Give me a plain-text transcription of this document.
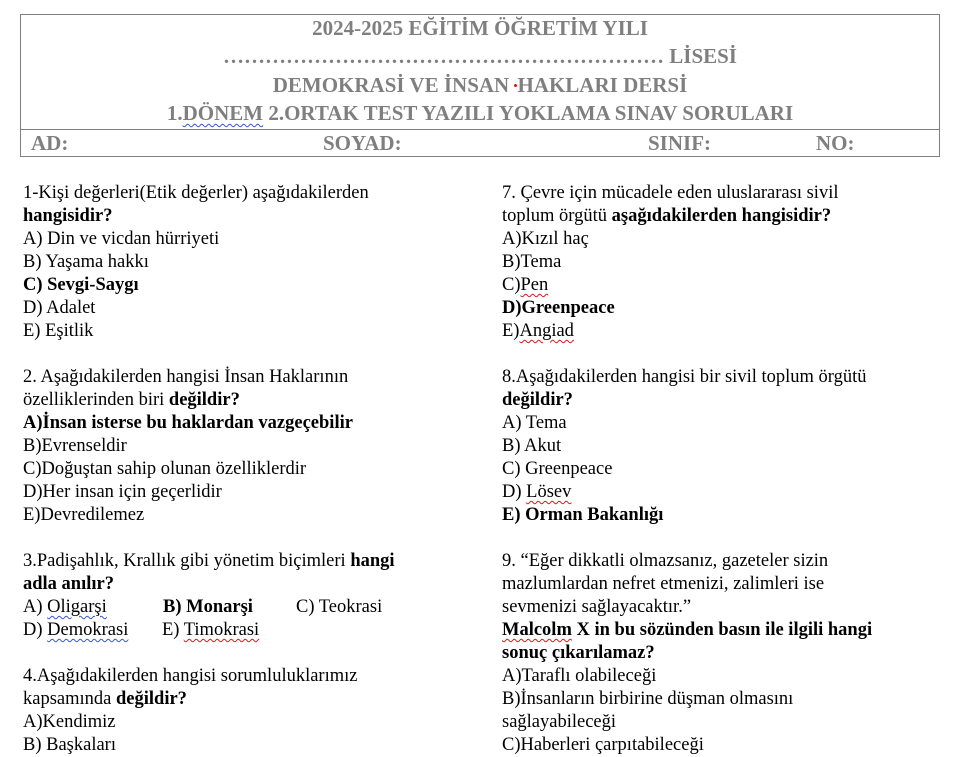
2024-2025 EĞİTİM ÖĞRETİM YILI
……………………………………………………… LİSESİ
DEMOKRASİ VE İNSAN HAKLARI DERSİ
1.DÖNEM 2.ORTAK TEST YAZILI YOKLAMA SINAV SORULARI
AD:	SOYAD:	SINIF:	NO:
1-Kişi değerleri(Etik değerler) aşağıdakilerden
hangisidir?
A) Din ve vicdan hürriyeti
B) Yaşama hakkı
C) Sevgi-Saygı
D) Adalet
E) Eşitlik
2. Aşağıdakilerden hangisi İnsan Haklarının
özelliklerinden biri değildir?
A)İnsan isterse bu haklardan vazgeçebilir
B)Evrenseldir
C)Doğuştan sahip olunan özelliklerdir
D)Her insan için geçerlidir
E)Devredilemez
3.Padişahlık, Krallık gibi yönetim biçimleri hangi
adla anılır?
A) Oligarşi	B) Monarşi C) Teokrasi
D) Demokrasi E) Timokrasi
4.Aşağıdakilerden hangisi sorumluluklarımız
kapsamında değildir?
A)Kendimiz
B) Başkaları
7. Çevre için mücadele eden uluslararası sivil
toplum örgütü aşağıdakilerden hangisidir?
A)Kızıl haç
B)Tema
C)Pen
D)Greenpeace
E)Angiad
8.Aşağıdakilerden hangisi bir sivil toplum örgütü
değildir?
A) Tema
B) Akut
C) Greenpeace
D) Lösev
E) Orman Bakanlığı
9. “Eğer dikkatli olmazsanız, gazeteler sizin
mazlumlardan nefret etmenizi, zalimleri ise
sevmenizi sağlayacaktır.”
Malcolm X in bu sözünden basın ile ilgili hangi
sonuç çıkarılamaz?
A)Taraflı olabileceği
B)İnsanların birbirine düşman olmasını
sağlayabileceği
C)Haberleri çarpıtabileceği
